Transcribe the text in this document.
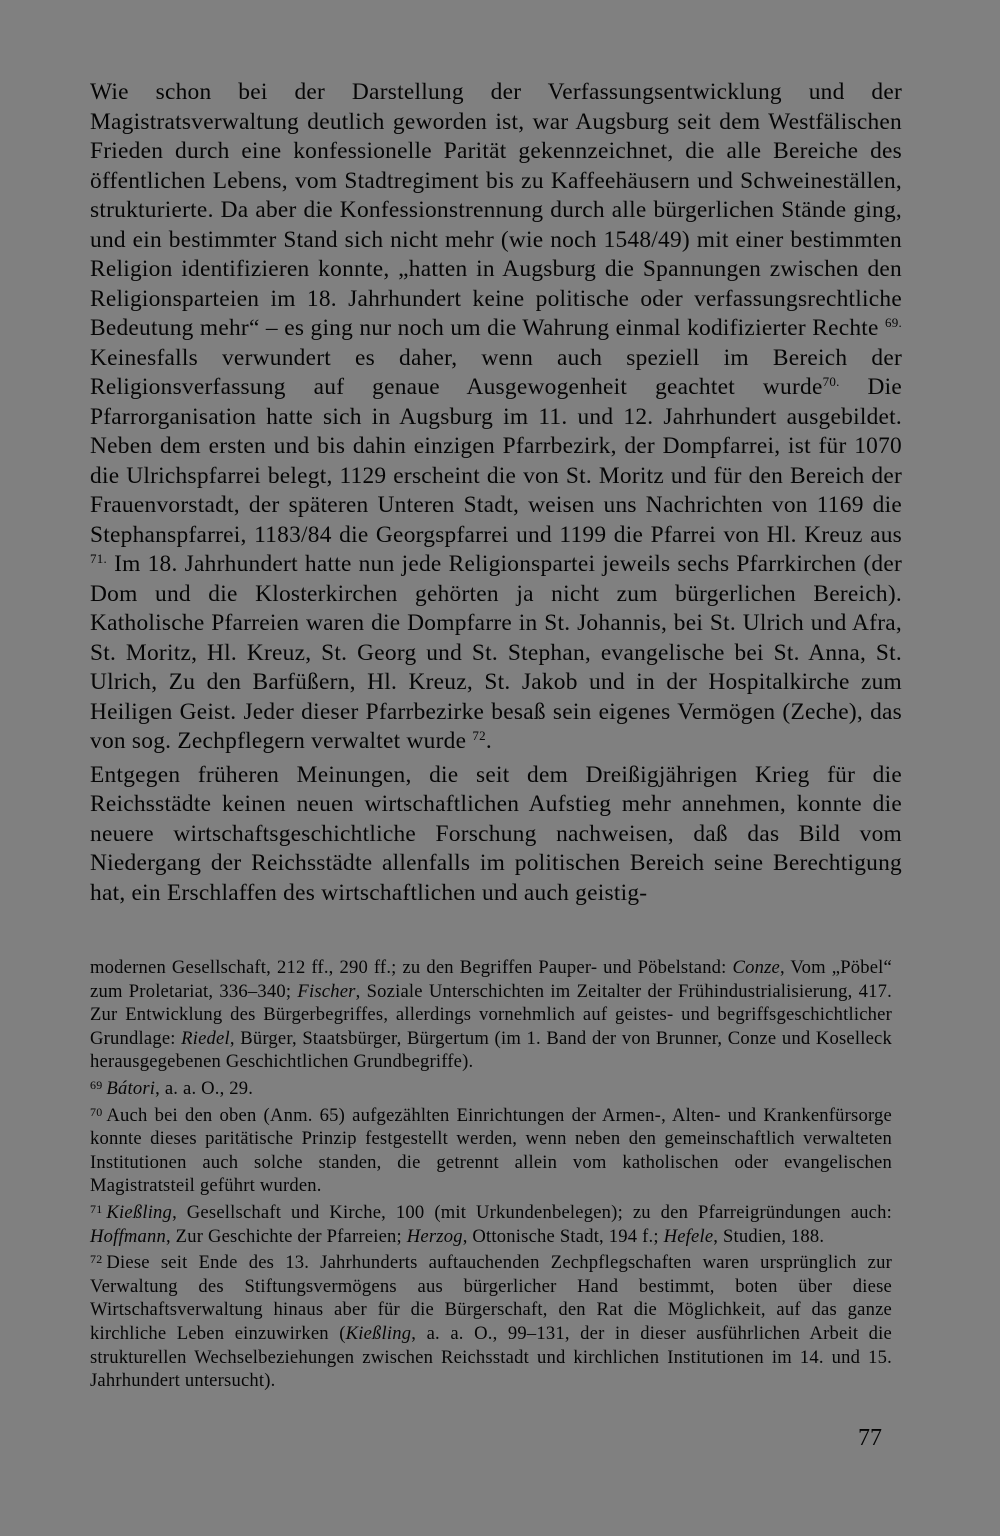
Wie schon bei der Darstellung der Verfassungsentwicklung und der Magistratsverwaltung deutlich geworden ist, war Augsburg seit dem Westfälischen Frieden durch eine konfessionelle Parität gekennzeichnet, die alle Bereiche des öffentlichen Lebens, vom Stadtregiment bis zu Kaffeehäusern und Schweineställen, strukturierte. Da aber die Konfessionstrennung durch alle bürgerlichen Stände ging, und ein bestimmter Stand sich nicht mehr (wie noch 1548/49) mit einer bestimmten Religion identifizieren konnte, „hatten in Augsburg die Spannungen zwischen den Religionsparteien im 18. Jahrhundert keine politische oder verfassungsrechtliche Bedeutung mehr“ – es ging nur noch um die Wahrung einmal kodifizierter Rechte $^{69.}$ Keinesfalls verwundert es daher, wenn auch speziell im Bereich der Religionsverfassung auf genaue Ausgewogenheit geachtet wurde$^{70.}$ Die Pfarrorganisation hatte sich in Augsburg im 11. und 12. Jahrhundert ausgebildet. Neben dem ersten und bis dahin einzigen Pfarrbezirk, der Dompfarrei, ist für 1070 die Ulrichspfarrei belegt, 1129 erscheint die von St. Moritz und für den Bereich der Frauenvorstadt, der späteren Unteren Stadt, weisen uns Nachrichten von 1169 die Stephanspfarrei, 1183/84 die Georgspfarrei und 1199 die Pfarrei von Hl. Kreuz aus $^{71.}$ Im 18. Jahrhundert hatte nun jede Religionspartei jeweils sechs Pfarrkirchen (der Dom und die Klosterkirchen gehörten ja nicht zum bürgerlichen Bereich). Katholische Pfarreien waren die Dompfarre in St. Johannis, bei St. Ulrich und Afra, St. Moritz, Hl. Kreuz, St. Georg und St. Stephan, evangelische bei St. Anna, St. Ulrich, Zu den Barfüßern, Hl. Kreuz, St. Jakob und in der Hospitalkirche zum Heiligen Geist. Jeder dieser Pfarrbezirke besaß sein eigenes Vermögen (Zeche), das von sog. Zechpflegern verwaltet wurde $^{72}$.

Entgegen früheren Meinungen, die seit dem Dreißigjährigen Krieg für die Reichsstädte keinen neuen wirtschaftlichen Aufstieg mehr annehmen, konnte die neuere wirtschaftsgeschichtliche Forschung nachweisen, daß das Bild vom Niedergang der Reichsstädte allenfalls im politischen Bereich seine Berechtigung hat, ein Erschlaffen des wirtschaftlichen und auch geistig-

modernen Gesellschaft, 212 ff., 290 ff.; zu den Begriffen Pauper- und Pöbelstand: Conze, Vom „Pöbel“ zum Proletariat, 336–340; Fischer, Soziale Unterschichten im Zeitalter der Frühindustrialisierung, 417. Zur Entwicklung des Bürgerbegriffes, allerdings vornehmlich auf geistes- und begriffsgeschichtlicher Grundlage: Riedel, Bürger, Staatsbürger, Bürgertum (im 1. Band der von Brunner, Conze und Koselleck herausgegebenen Geschichtlichen Grundbegriffe).

$^{69}$ Bátori, a. a. O., 29.

$^{70}$ Auch bei den oben (Anm. 65) aufgezählten Einrichtungen der Armen-, Alten- und Krankenfürsorge konnte dieses paritätische Prinzip festgestellt werden, wenn neben den gemeinschaftlich verwalteten Institutionen auch solche standen, die getrennt allein vom katholischen oder evangelischen Magistratsteil geführt wurden.

$^{71}$ Kießling, Gesellschaft und Kirche, 100 (mit Urkundenbelegen); zu den Pfarreigründungen auch: Hoffmann, Zur Geschichte der Pfarreien; Herzog, Ottonische Stadt, 194 f.; Hefele, Studien, 188.

$^{72}$ Diese seit Ende des 13. Jahrhunderts auftauchenden Zechpflegschaften waren ursprünglich zur Verwaltung des Stiftungsvermögens aus bürgerlicher Hand bestimmt, boten über diese Wirtschaftsverwaltung hinaus aber für die Bürgerschaft, den Rat die Möglichkeit, auf das ganze kirchliche Leben einzuwirken (Kießling, a. a. O., 99–131, der in dieser ausführlichen Arbeit die strukturellen Wechselbeziehungen zwischen Reichsstadt und kirchlichen Institutionen im 14. und 15. Jahrhundert untersucht).

77
